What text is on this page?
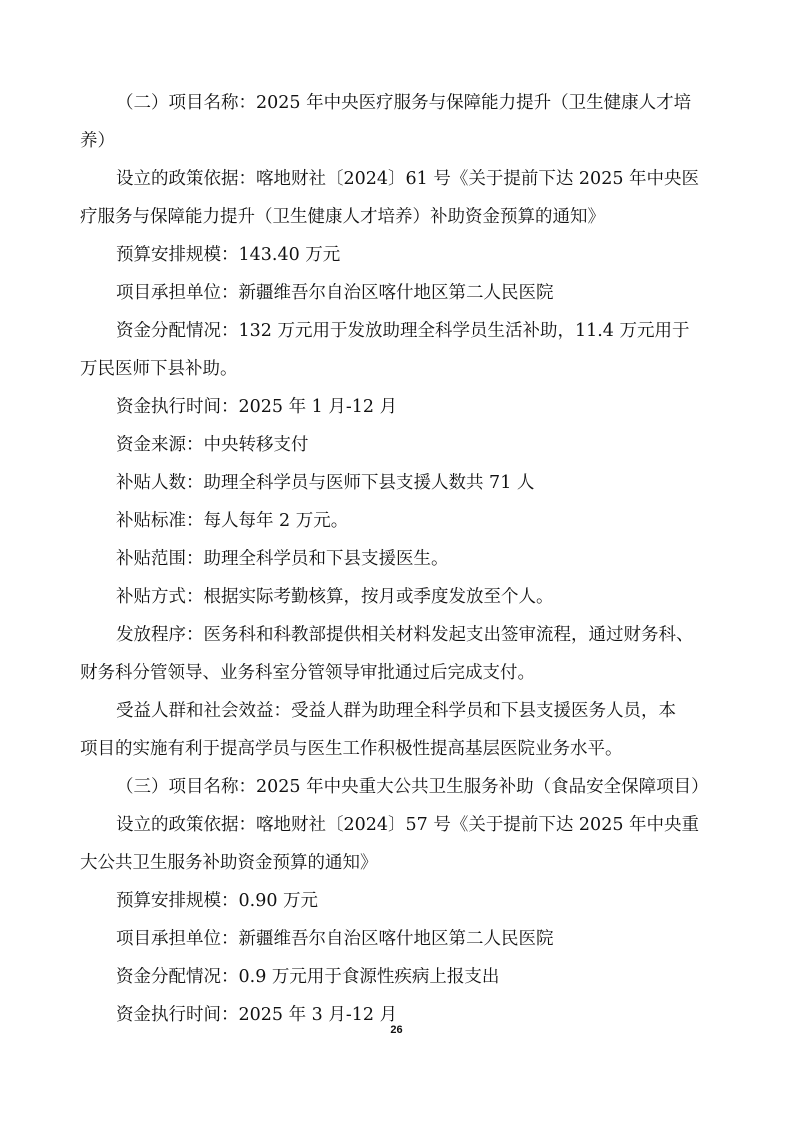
（二）项目名称：2025 年中央医疗服务与保障能力提升（卫生健康人才培

养）

设立的政策依据：喀地财社〔2024〕61 号《关于提前下达 2025 年中央医

疗服务与保障能力提升（卫生健康人才培养）补助资金预算的通知》

预算安排规模：143.40 万元

项目承担单位：新疆维吾尔自治区喀什地区第二人民医院

资金分配情况：132 万元用于发放助理全科学员生活补助，11.4 万元用于

万民医师下县补助。

资金执行时间：2025 年 1 月-12 月

资金来源：中央转移支付

补贴人数：助理全科学员与医师下县支援人数共 71 人

补贴标准：每人每年 2 万元。

补贴范围：助理全科学员和下县支援医生。

补贴方式：根据实际考勤核算，按月或季度发放至个人。

发放程序：医务科和科教部提供相关材料发起支出签审流程，通过财务科、

财务科分管领导、业务科室分管领导审批通过后完成支付。

受益人群和社会效益：受益人群为助理全科学员和下县支援医务人员，本

项目的实施有利于提高学员与医生工作积极性提高基层医院业务水平。

（三）项目名称：2025 年中央重大公共卫生服务补助（食品安全保障项目）

设立的政策依据：喀地财社〔2024〕57 号《关于提前下达 2025 年中央重

大公共卫生服务补助资金预算的通知》

预算安排规模：0.90 万元

项目承担单位：新疆维吾尔自治区喀什地区第二人民医院

资金分配情况：0.9 万元用于食源性疾病上报支出

资金执行时间：2025 年 3 月-12 月

26
